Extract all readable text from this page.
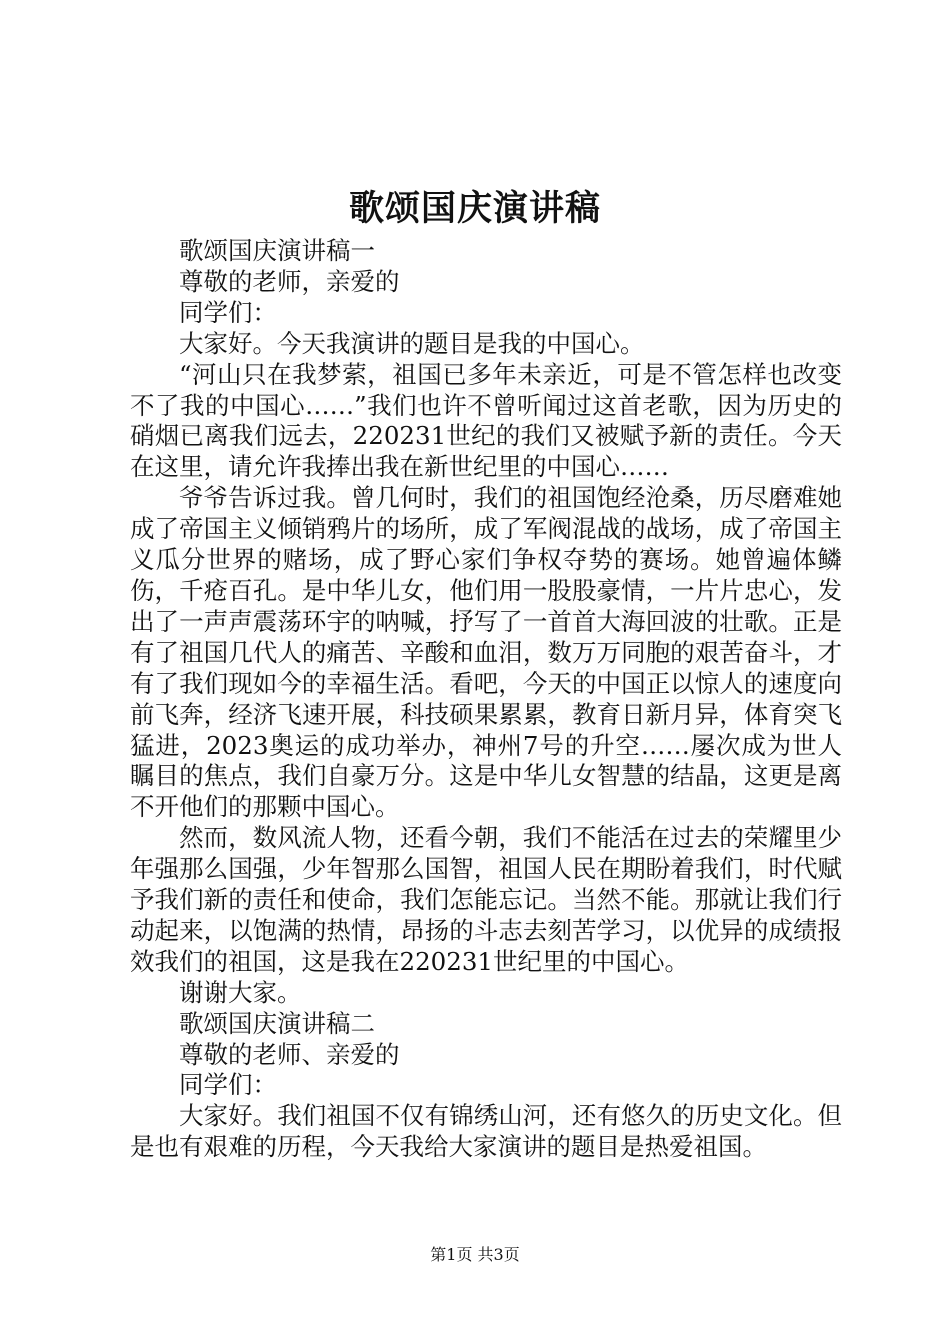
歌颂国庆演讲稿

歌颂国庆演讲稿一

尊敬的老师，亲爱的

同学们：

大家好。今天我演讲的题目是我的中国心。

“河山只在我梦萦，祖国已多年未亲近，可是不管怎样也改变不了我的中国心……”我们也许不曾听闻过这首老歌，因为历史的硝烟已离我们远去，220231世纪的我们又被赋予新的责任。今天在这里，请允许我捧出我在新世纪里的中国心……

爷爷告诉过我。曾几何时，我们的祖国饱经沧桑，历尽磨难她成了帝国主义倾销鸦片的场所，成了军阀混战的战场，成了帝国主义瓜分世界的赌场，成了野心家们争权夺势的赛场。她曾遍体鳞伤，千疮百孔。是中华儿女，他们用一股股豪情，一片片忠心，发出了一声声震荡环宇的呐喊，抒写了一首首大海回波的壮歌。正是有了祖国几代人的痛苦、辛酸和血泪，数万万同胞的艰苦奋斗，才有了我们现如今的幸福生活。看吧，今天的中国正以惊人的速度向前飞奔，经济飞速开展，科技硕果累累，教育日新月异，体育突飞猛进，2023奥运的成功举办，神州7号的升空……屡次成为世人瞩目的焦点，我们自豪万分。这是中华儿女智慧的结晶，这更是离不开他们的那颗中国心。

然而，数风流人物，还看今朝，我们不能活在过去的荣耀里少年强那么国强，少年智那么国智，祖国人民在期盼着我们，时代赋予我们新的责任和使命，我们怎能忘记。当然不能。那就让我们行动起来，以饱满的热情，昂扬的斗志去刻苦学习，以优异的成绩报效我们的祖国，这是我在220231世纪里的中国心。

谢谢大家。

歌颂国庆演讲稿二

尊敬的老师、亲爱的

同学们：

大家好。我们祖国不仅有锦绣山河，还有悠久的历史文化。但是也有艰难的历程，今天我给大家演讲的题目是热爱祖国。

第1页 共3页
